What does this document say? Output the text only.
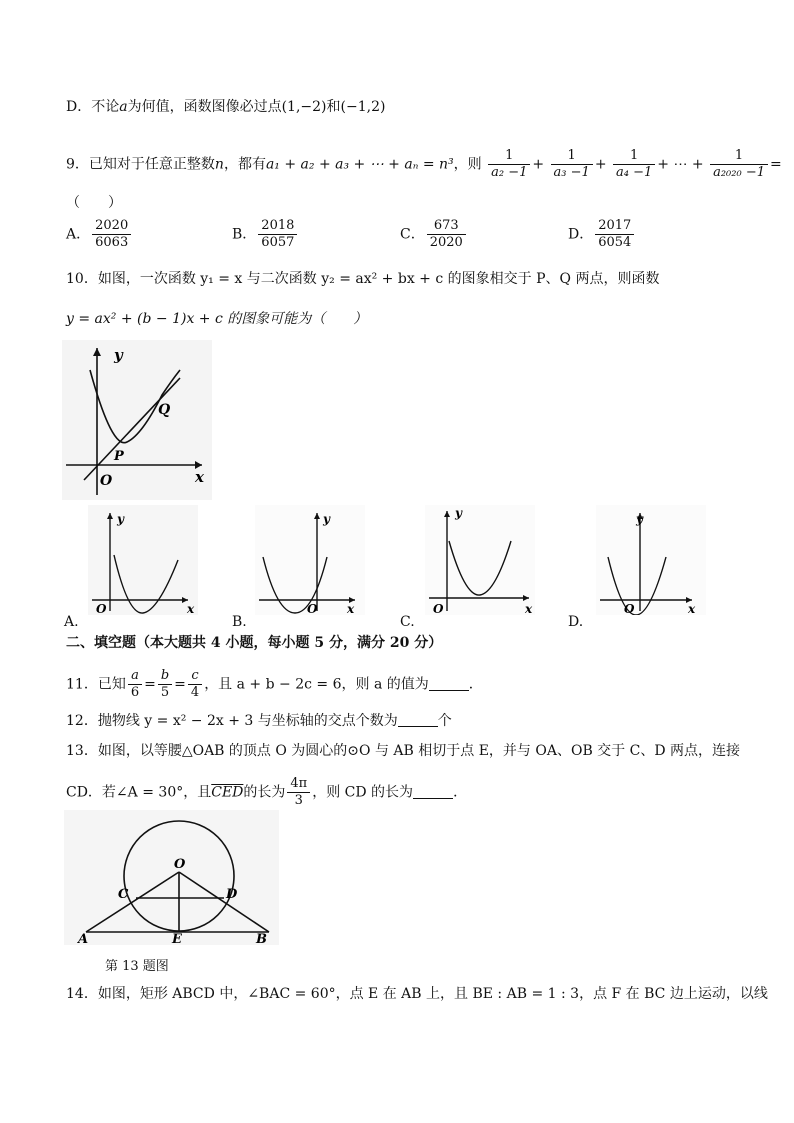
D．不论a为何值，函数图像必过点(1,−2)和(−1,2)
9．已知对于任意正整数n，都有a₁ + a₂ + a₃ + ⋯ + aₙ = n³，则 $\frac{1}{\text{a₂ −1}} + \frac{1}{\text{a₃ −1}} + \frac{1}{\text{a₄ −1}}$ + ⋯ + $\frac{1}{\text{a₂₀₂₀ −1}}$ =
（　　）
A． $\frac{2020}{6063}$	B． $\frac{2018}{6057}$	C． $\frac{673}{2020}$	D． $\frac{2017}{6054}$
10．如图，一次函数 y₁ = x 与二次函数 y₂ = ax² + bx + c 的图象相交于 P、Q 两点，则函数
y = ax² + (b − 1)x + c 的图象可能为（　　）
y
x
O
P
Q
y
x
O
y
x
O
y
x
O
y
x
O
A.	B.	C.	D.
二、填空题（本大题共 4 小题，每小题 5 分，满分 20 分）
11．已知 $\frac{a}{6} = \frac{b}{5} = \frac{c}{4}$ ，且 a + b − 2c = 6，则 a 的值为	．
12．抛物线 y = x² − 2x + 3 与坐标轴的交点个数为	个
13．如图，以等腰△OAB 的顶点 O 为圆心的⊙O 与 AB 相切于点 E，并与 OA、OB 交于 C、D 两点，连接
CD．若∠A = 30°，且$\overline{CED}$的长为 $\frac{4\pi}{3}$ ，则 CD 的长为	．
O
C	D
A	E	B
第 13 题图
14．如图，矩形 ABCD 中，∠BAC = 60°，点 E 在 AB 上，且 BE : AB = 1 : 3，点 F 在 BC 边上运动，以线
